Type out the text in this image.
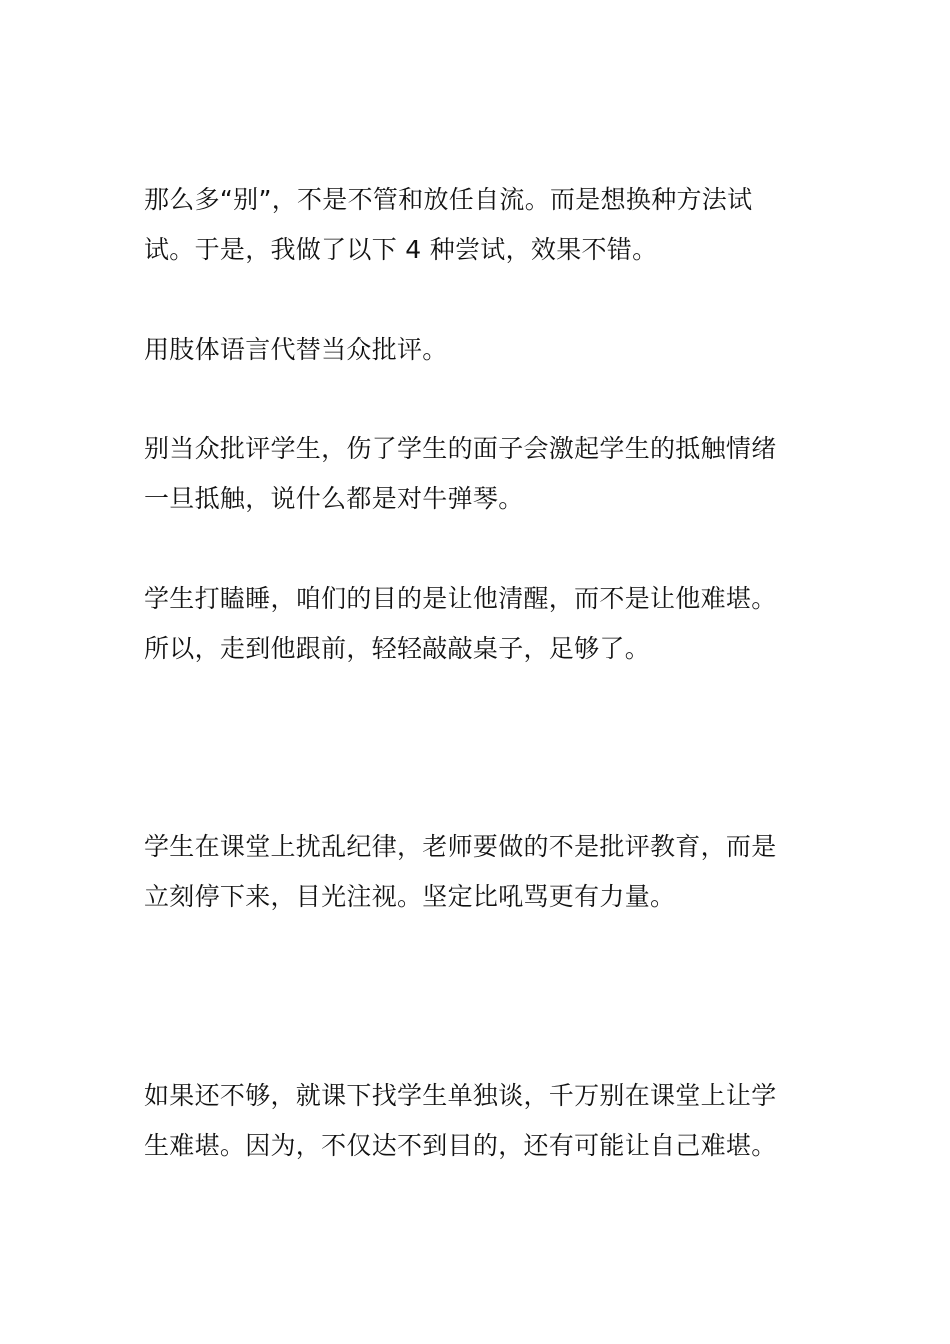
那么多“别”，不是不管和放任自流。而是想换种方法试
试。于是，我做了以下 4 种尝试，效果不错。

用肢体语言代替当众批评。

别当众批评学生，伤了学生的面子会激起学生的抵触情绪
一旦抵触，说什么都是对牛弹琴。

学生打瞌睡，咱们的目的是让他清醒，而不是让他难堪。
所以，走到他跟前，轻轻敲敲桌子，足够了。

学生在课堂上扰乱纪律，老师要做的不是批评教育，而是
立刻停下来，目光注视。坚定比吼骂更有力量。

如果还不够，就课下找学生单独谈，千万别在课堂上让学
生难堪。因为，不仅达不到目的，还有可能让自己难堪。
